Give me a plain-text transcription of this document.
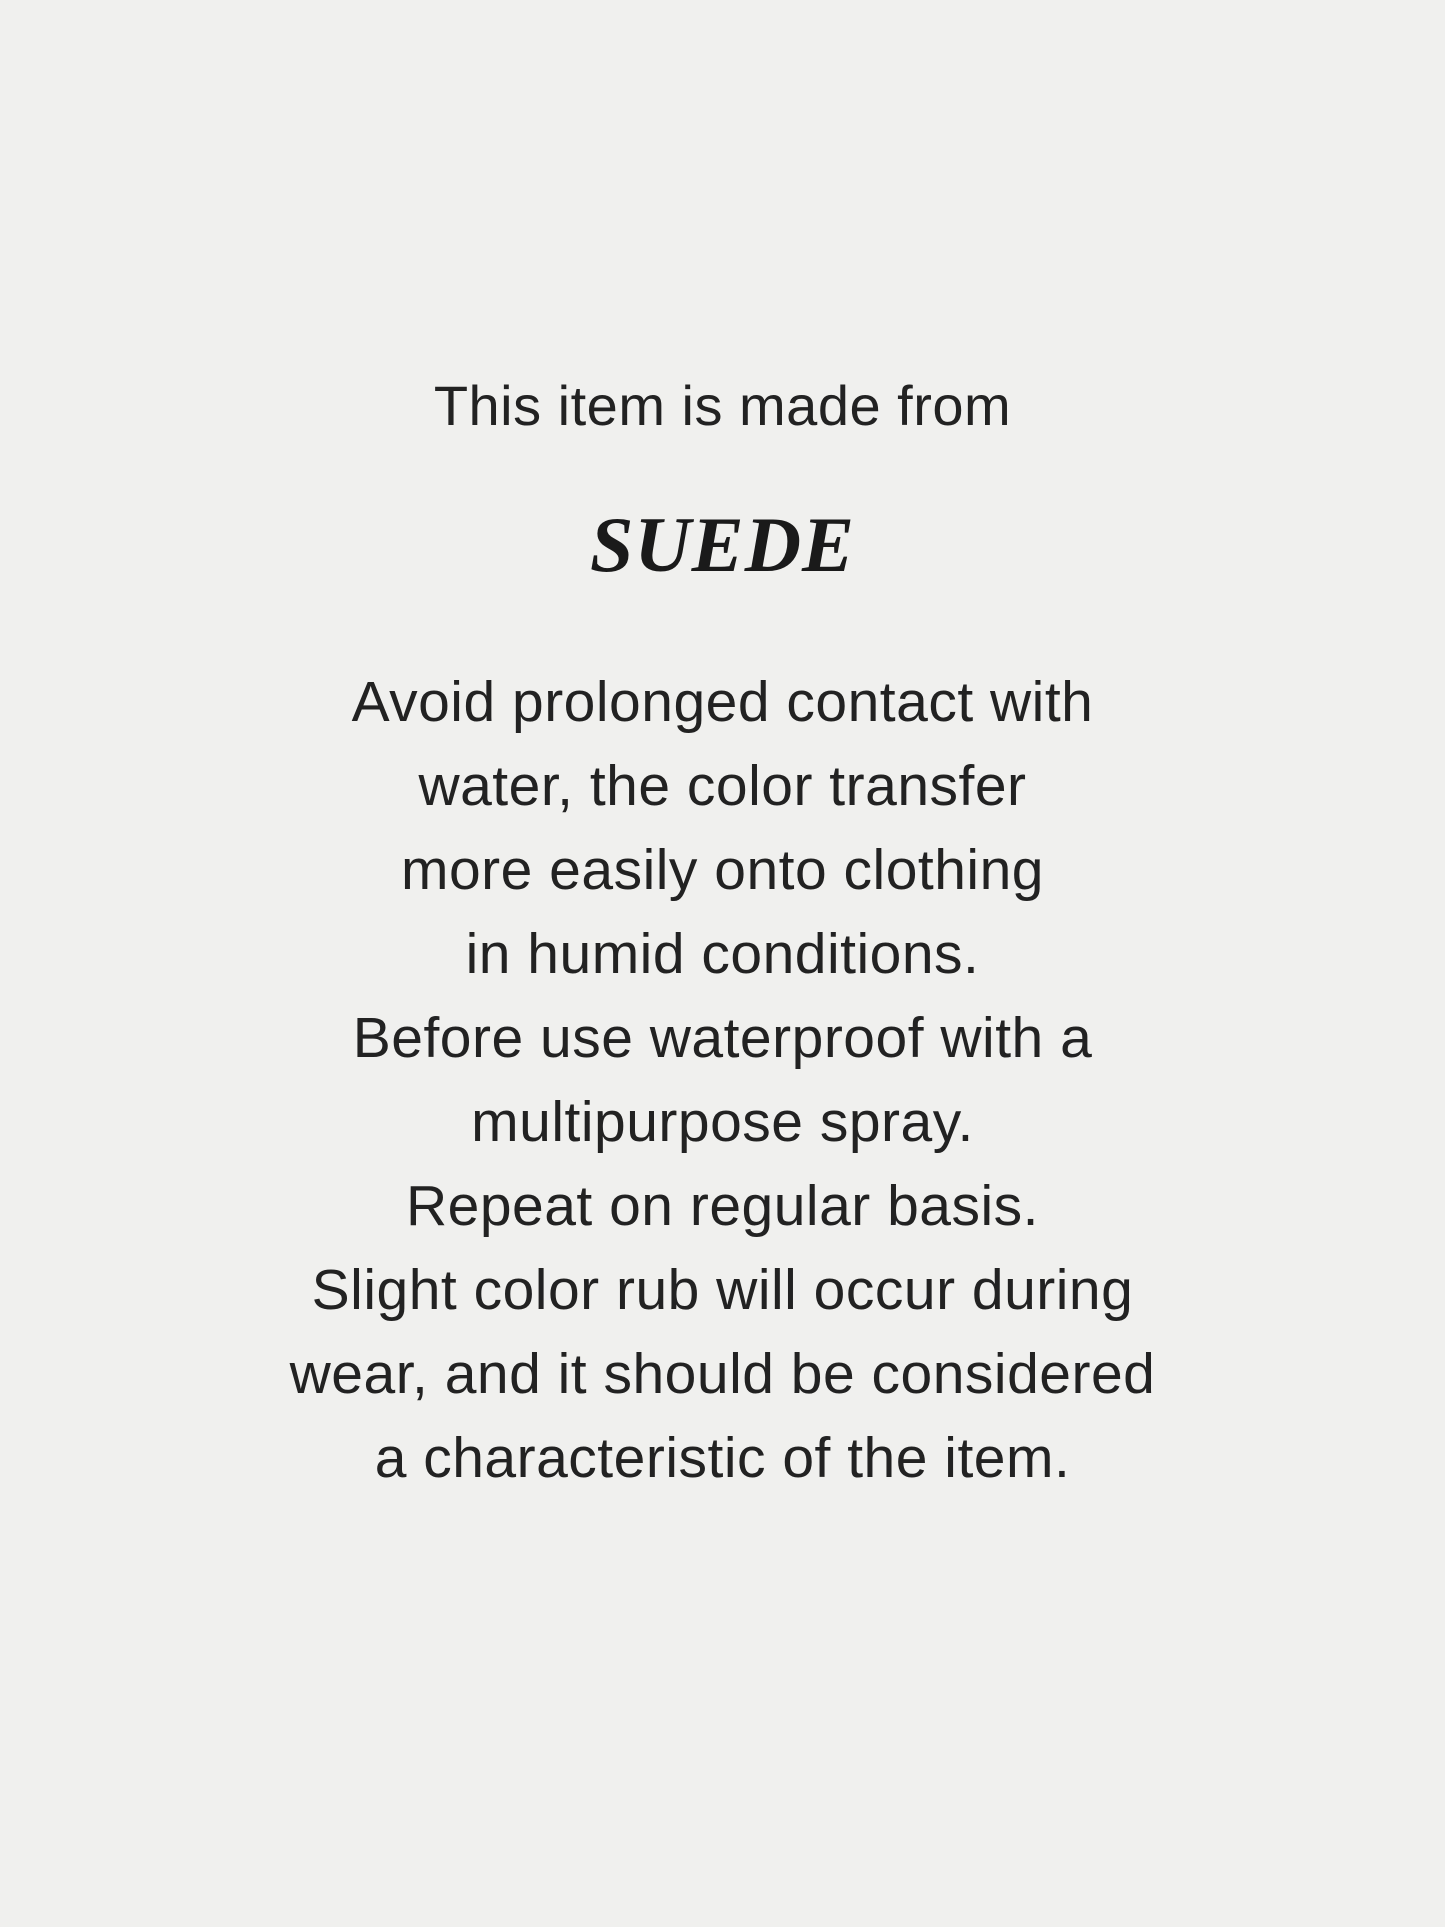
This item is made from
SUEDE
Avoid prolonged contact with
water, the color transfer
more easily onto clothing
in humid conditions.
Before use waterproof with a
multipurpose spray.
Repeat on regular basis.
Slight color rub will occur during
wear, and it should be considered
a characteristic of the item.
